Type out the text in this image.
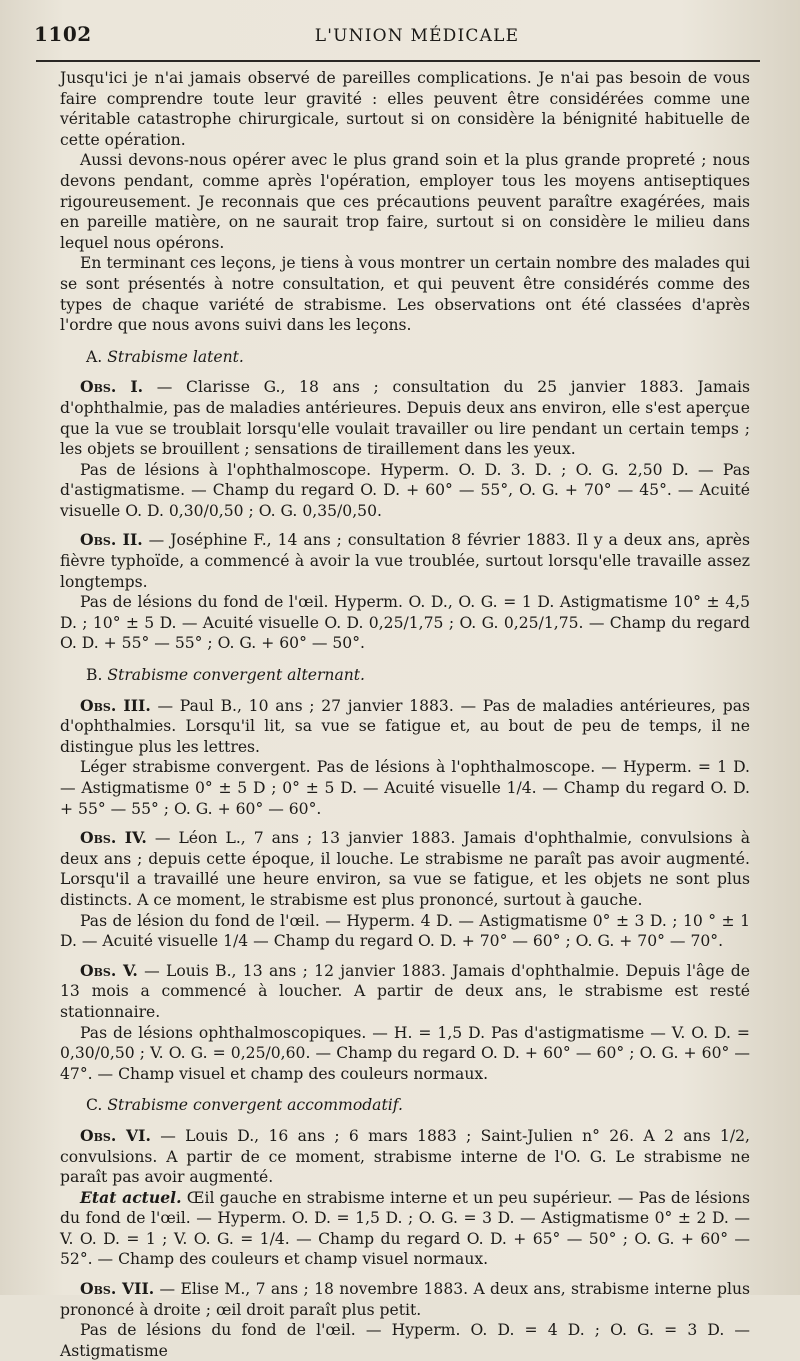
1102	L'UNION MÉDICALE

Jusqu'ici je n'ai jamais observé de pareilles complications. Je n'ai pas besoin de vous faire comprendre toute leur gravité : elles peuvent être considérées comme une véritable catastrophe chirurgicale, surtout si on considère la bénignité habituelle de cette opération.

Aussi devons-nous opérer avec le plus grand soin et la plus grande propreté ; nous devons pendant, comme après l'opération, employer tous les moyens antiseptiques rigoureusement. Je reconnais que ces précautions peuvent paraître exagérées, mais en pareille matière, on ne saurait trop faire, surtout si on considère le milieu dans lequel nous opérons.

En terminant ces leçons, je tiens à vous montrer un certain nombre des malades qui se sont présentés à notre consultation, et qui peuvent être considérés comme des types de chaque variété de strabisme. Les observations ont été classées d'après l'ordre que nous avons suivi dans les leçons.

A. Strabisme latent.

Obs. I. — Clarisse G., 18 ans ; consultation du 25 janvier 1883. Jamais d'ophthalmie, pas de maladies antérieures. Depuis deux ans environ, elle s'est aperçue que la vue se troublait lorsqu'elle voulait travailler ou lire pendant un certain temps ; les objets se brouillent ; sensations de tiraillement dans les yeux.

Pas de lésions à l'ophthalmoscope. Hyperm. O. D. 3. D. ; O. G. 2,50 D. — Pas d'astigmatisme. — Champ du regard O. D. + 60° — 55°, O. G. + 70° — 45°. — Acuité visuelle O. D. 0,30/0,50 ; O. G. 0,35/0,50.

Obs. II. — Joséphine F., 14 ans ; consultation 8 février 1883. Il y a deux ans, après fièvre typhoïde, a commencé à avoir la vue troublée, surtout lorsqu'elle travaille assez longtemps.

Pas de lésions du fond de l'œil. Hyperm. O. D., O. G. = 1 D. Astigmatisme 10° ± 4,5 D. ; 10° ± 5 D. — Acuité visuelle O. D. 0,25/1,75 ; O. G. 0,25/1,75. — Champ du regard O. D. + 55° — 55° ; O. G. + 60° — 50°.

B. Strabisme convergent alternant.

Obs. III. — Paul B., 10 ans ; 27 janvier 1883. — Pas de maladies antérieures, pas d'ophthalmies. Lorsqu'il lit, sa vue se fatigue et, au bout de peu de temps, il ne distingue plus les lettres.

Léger strabisme convergent. Pas de lésions à l'ophthalmoscope. — Hyperm. = 1 D. — Astigmatisme 0° ± 5 D ; 0° ± 5 D. — Acuité visuelle 1/4. — Champ du regard O. D. + 55° — 55° ; O. G. + 60° — 60°.

Obs. IV. — Léon L., 7 ans ; 13 janvier 1883. Jamais d'ophthalmie, convulsions à deux ans ; depuis cette époque, il louche. Le strabisme ne paraît pas avoir augmenté. Lorsqu'il a travaillé une heure environ, sa vue se fatigue, et les objets ne sont plus distincts. A ce moment, le strabisme est plus prononcé, surtout à gauche.

Pas de lésion du fond de l'œil. — Hyperm. 4 D. — Astigmatisme 0° ± 3 D. ; 10 ° ± 1 D. — Acuité visuelle 1/4 — Champ du regard O. D. + 70° — 60° ; O. G. + 70° — 70°.

Obs. V. — Louis B., 13 ans ; 12 janvier 1883. Jamais d'ophthalmie. Depuis l'âge de 13 mois a commencé à loucher. A partir de deux ans, le strabisme est resté stationnaire.

Pas de lésions ophthalmoscopiques. — H. = 1,5 D. Pas d'astigmatisme — V. O. D. = 0,30/0,50 ; V. O. G. = 0,25/0,60. — Champ du regard O. D. + 60° — 60° ; O. G. + 60° — 47°. — Champ visuel et champ des couleurs normaux.

C. Strabisme convergent accommodatif.

Obs. VI. — Louis D., 16 ans ; 6 mars 1883 ; Saint-Julien n° 26. A 2 ans 1/2, convulsions. A partir de ce moment, strabisme interne de l'O. G. Le strabisme ne paraît pas avoir augmenté.

Etat actuel. Œil gauche en strabisme interne et un peu supérieur. — Pas de lésions du fond de l'œil. — Hyperm. O. D. = 1,5 D. ; O. G. = 3 D. — Astigmatisme 0° ± 2 D. — V. O. D. = 1 ; V. O. G. = 1/4. — Champ du regard O. D. + 65° — 50° ; O. G. + 60° — 52°. — Champ des couleurs et champ visuel normaux.

Obs. VII. — Elise M., 7 ans ; 18 novembre 1883. A deux ans, strabisme interne plus prononcé à droite ; œil droit paraît plus petit.

Pas de lésions du fond de l'œil. — Hyperm. O. D. = 4 D. ; O. G. = 3 D. — Astigmatisme
